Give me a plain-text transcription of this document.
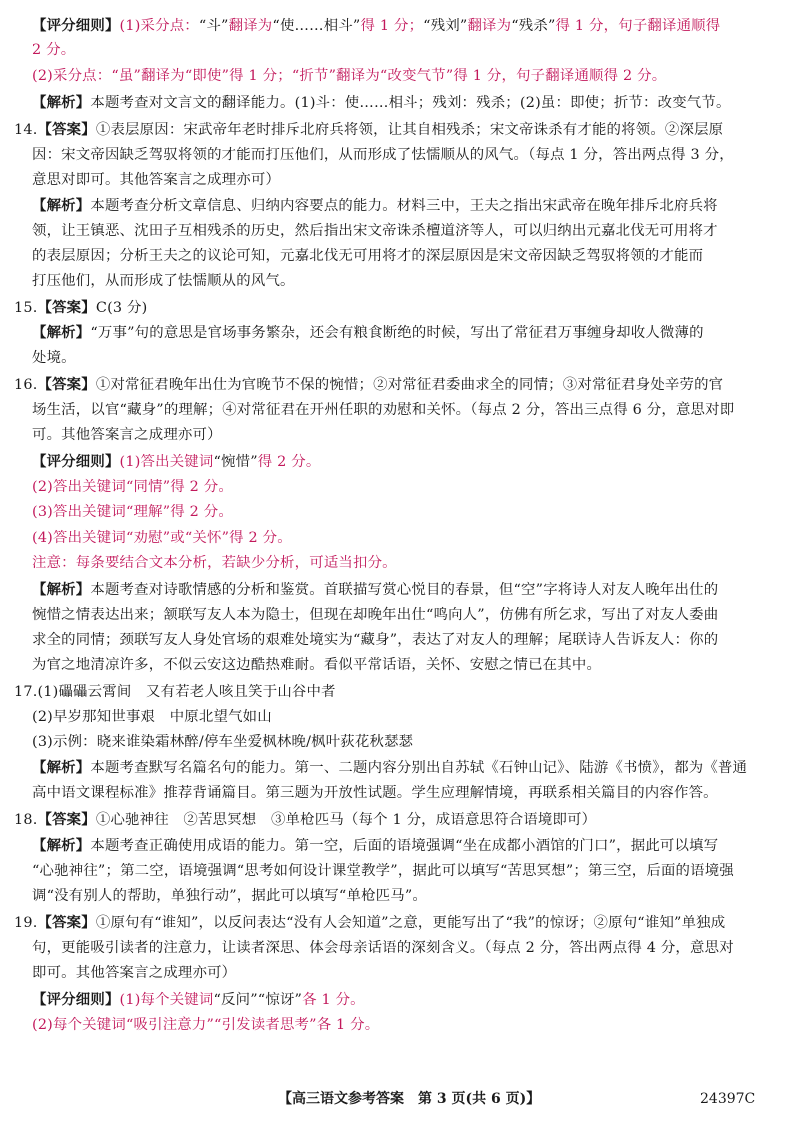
【评分细则】(1)采分点：“斗”翻译为“使……相斗”得 1 分；“残刘”翻译为“残杀”得 1 分，句子翻译通顺得
2 分。
(2)采分点：“虽”翻译为“即使”得 1 分；“折节”翻译为“改变气节”得 1 分，句子翻译通顺得 2 分。
【解析】本题考查对文言文的翻译能力。(1)斗：使……相斗；残刘：残杀；(2)虽：即使；折节：改变气节。
14.【答案】①表层原因：宋武帝年老时排斥北府兵将领，让其自相残杀；宋文帝诛杀有才能的将领。②深层原
因：宋文帝因缺乏驾驭将领的才能而打压他们，从而形成了怯懦顺从的风气。（每点 1 分，答出两点得 3 分，
意思对即可。其他答案言之成理亦可）
【解析】本题考查分析文章信息、归纳内容要点的能力。材料三中，王夫之指出宋武帝在晚年排斥北府兵将
领，让王镇恶、沈田子互相残杀的历史，然后指出宋文帝诛杀檀道济等人，可以归纳出元嘉北伐无可用将才
的表层原因；分析王夫之的议论可知，元嘉北伐无可用将才的深层原因是宋文帝因缺乏驾驭将领的才能而
打压他们，从而形成了怯懦顺从的风气。
15.【答案】C(3 分)
【解析】“万事”句的意思是官场事务繁杂，还会有粮食断绝的时候，写出了常征君万事缠身却收人微薄的
处境。
16.【答案】①对常征君晚年出仕为官晚节不保的惋惜；②对常征君委曲求全的同情；③对常征君身处辛劳的官
场生活，以官“藏身”的理解；④对常征君在开州任职的劝慰和关怀。（每点 2 分，答出三点得 6 分，意思对即
可。其他答案言之成理亦可）
【评分细则】(1)答出关键词“惋惜”得 2 分。
(2)答出关键词“同情”得 2 分。
(3)答出关键词“理解”得 2 分。
(4)答出关键词“劝慰”或“关怀”得 2 分。
注意：每条要结合文本分析，若缺少分析，可适当扣分。
【解析】本题考查对诗歌情感的分析和鉴赏。首联描写赏心悦目的春景，但“空”字将诗人对友人晚年出仕的
惋惜之情表达出来；颔联写友人本为隐士，但现在却晚年出仕“鸣向人”，仿佛有所乞求，写出了对友人委曲
求全的同情；颈联写友人身处官场的艰难处境实为“藏身”，表达了对友人的理解；尾联诗人告诉友人：你的
为官之地清凉许多，不似云安这边酷热难耐。看似平常话语，关怀、安慰之情已在其中。
17.(1)礧礧云霄间　又有若老人咳且笑于山谷中者
(2)早岁那知世事艰　中原北望气如山
(3)示例：晓来谁染霜林醉/停车坐爱枫林晚/枫叶荻花秋瑟瑟
【解析】本题考查默写名篇名句的能力。第一、二题内容分别出自苏轼《石钟山记》、陆游《书愤》，都为《普通
高中语文课程标准》推荐背诵篇目。第三题为开放性试题。学生应理解情境，再联系相关篇目的内容作答。
18.【答案】①心驰神往　②苦思冥想　③单枪匹马（每个 1 分，成语意思符合语境即可）
【解析】本题考查正确使用成语的能力。第一空，后面的语境强调“坐在成都小酒馆的门口”，据此可以填写
“心驰神往”；第二空，语境强调“思考如何设计课堂教学”，据此可以填写“苦思冥想”；第三空，后面的语境强
调“没有别人的帮助，单独行动”，据此可以填写“单枪匹马”。
19.【答案】①原句有“谁知”，以反问表达“没有人会知道”之意，更能写出了“我”的惊讶；②原句“谁知”单独成
句，更能吸引读者的注意力，让读者深思、体会母亲话语的深刻含义。（每点 2 分，答出两点得 4 分，意思对
即可。其他答案言之成理亦可）
【评分细则】(1)每个关键词“反问”“惊讶”各 1 分。
(2)每个关键词“吸引注意力”“引发读者思考”各 1 分。
【高三语文参考答案　第 3 页(共 6 页)】	24397C
